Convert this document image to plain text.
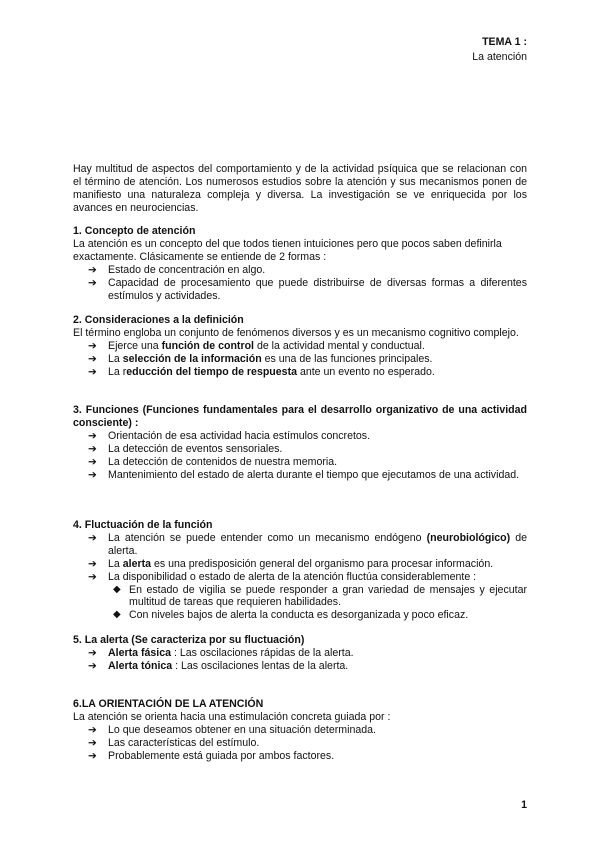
TEMA 1 :
La atención
Hay multitud de aspectos del comportamiento y de la actividad psíquica que se relacionan con el término de atención. Los numerosos estudios sobre la atención y sus mecanismos ponen de manifiesto una naturaleza compleja y diversa. La investigación se ve enriquecida por los avances en neurociencias.
1. Concepto de atención
La atención es un concepto del que todos tienen intuiciones pero que pocos saben definirla exactamente. Clásicamente se entiende de 2 formas :
➔	Estado de concentración en algo.
➔	Capacidad de procesamiento que puede distribuirse de diversas formas a diferentes estímulos y actividades.
2. Consideraciones a la definición
El término engloba un conjunto de fenómenos diversos y es un mecanismo cognitivo complejo.
➔	Ejerce una función de control de la actividad mental y conductual.
➔	La selección de la información es una de las funciones principales.
➔	La reducción del tiempo de respuesta ante un evento no esperado.
3. Funciones (Funciones fundamentales para el desarrollo organizativo de una actividad consciente) :
➔	Orientación de esa actividad hacia estímulos concretos.
➔	La detección de eventos sensoriales.
➔	La detección de contenidos de nuestra memoria.
➔	Mantenimiento del estado de alerta durante el tiempo que ejecutamos de una actividad.
4. Fluctuación de la función
➔	La atención se puede entender como un mecanismo endógeno (neurobiológico) de alerta.
➔	La alerta es una predisposición general del organismo para procesar información.
➔	La disponibilidad o estado de alerta de la atención fluctúa considerablemente :
◆ En estado de vigilia se puede responder a gran variedad de mensajes y ejecutar multitud de tareas que requieren habilidades.
◆ Con niveles bajos de alerta la conducta es desorganizada y poco eficaz.
5. La alerta (Se caracteriza por su fluctuación)
➔	Alerta fásica : Las oscilaciones rápidas de la alerta.
➔	Alerta tónica : Las oscilaciones lentas de la alerta.
6.LA ORIENTACIÓN DE LA ATENCIÓN
La atención se orienta hacia una estimulación concreta guiada por :
➔	Lo que deseamos obtener en una situación determinada.
➔	Las características del estímulo.
➔	Probablemente está guiada por ambos factores.
1
